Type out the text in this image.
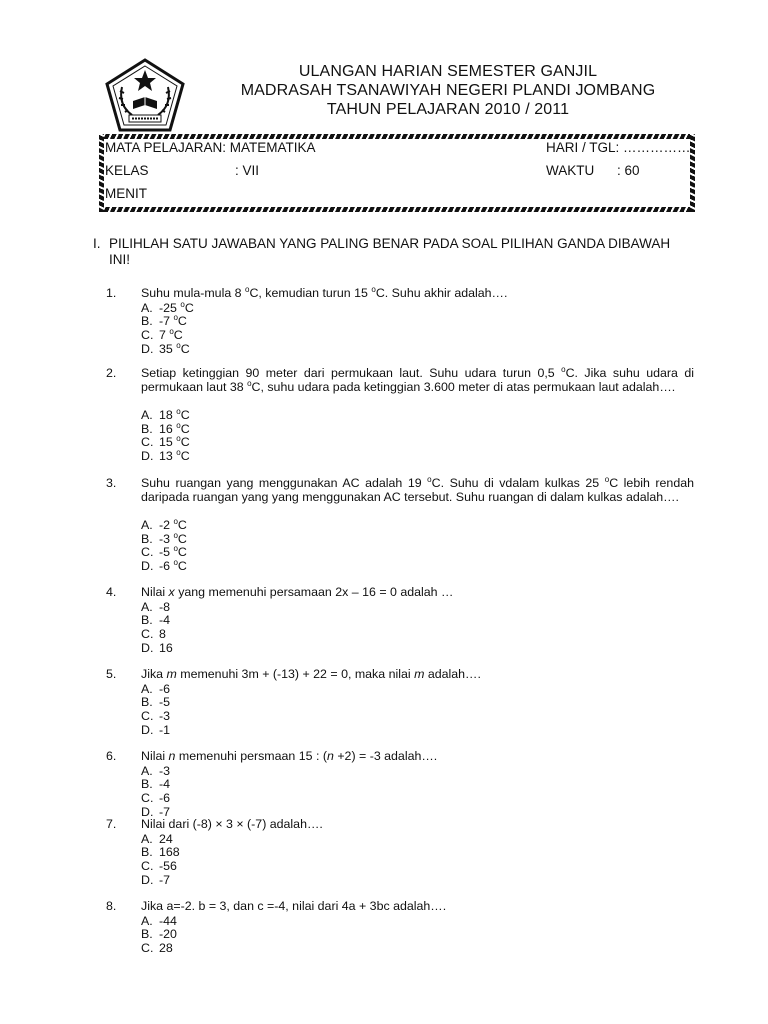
ULANGAN HARIAN SEMESTER GANJIL
MADRASAH TSANAWIYAH NEGERI PLANDI JOMBANG
TAHUN PELAJARAN 2010 / 2011
MATA PELAJARAN: MATEMATIKA	HARI / TGL: ……………
KELAS	: VII	WAKTU : 60
MENIT
I. PILIHLAH SATU JAWABAN YANG PALING BENAR PADA SOAL PILIHAN GANDA DIBAWAH INI!
1.	Suhu mula-mula 8 $^o$C, kemudian turun 15 $^o$C. Suhu akhir adalah….
A. -25 $^o$C
B. -7 $^o$C
C. 7 $^o$C
D. 35 $^o$C
2.	Setiap ketinggian 90 meter dari permukaan laut. Suhu udara turun 0,5 $^o$C. Jika suhu udara di permukaan laut 38 $^o$C, suhu udara pada ketinggian 3.600 meter di atas permukaan laut adalah….
A. 18 $^o$C
B. 16 $^o$C
C. 15 $^o$C
D. 13 $^o$C
3.	Suhu ruangan yang menggunakan AC adalah 19 $^o$C. Suhu di vdalam kulkas 25 $^o$C lebih rendah daripada ruangan yang yang menggunakan AC tersebut. Suhu ruangan di dalam kulkas adalah….
A. -2 $^o$C
B. -3 $^o$C
C. -5 $^o$C
D. -6 $^o$C
4.	Nilai x yang memenuhi persamaan 2x – 16 = 0 adalah …
A. -8
B. -4
C. 8
D. 16
5.	Jika m memenuhi 3m + (-13) + 22 = 0, maka nilai m adalah….
A. -6
B. -5
C. -3
D. -1
6.	Nilai n memenuhi persmaan 15 : (n +2) = -3 adalah….
A. -3
B. -4
C. -6
D. -7
7.	Nilai dari (-8) × 3 × (-7) adalah….
A. 24
B. 168
C. -56
D. -7
8.	Jika a=-2. b = 3, dan c =-4, nilai dari 4a + 3bc adalah….
A. -44
B. -20
C. 28
